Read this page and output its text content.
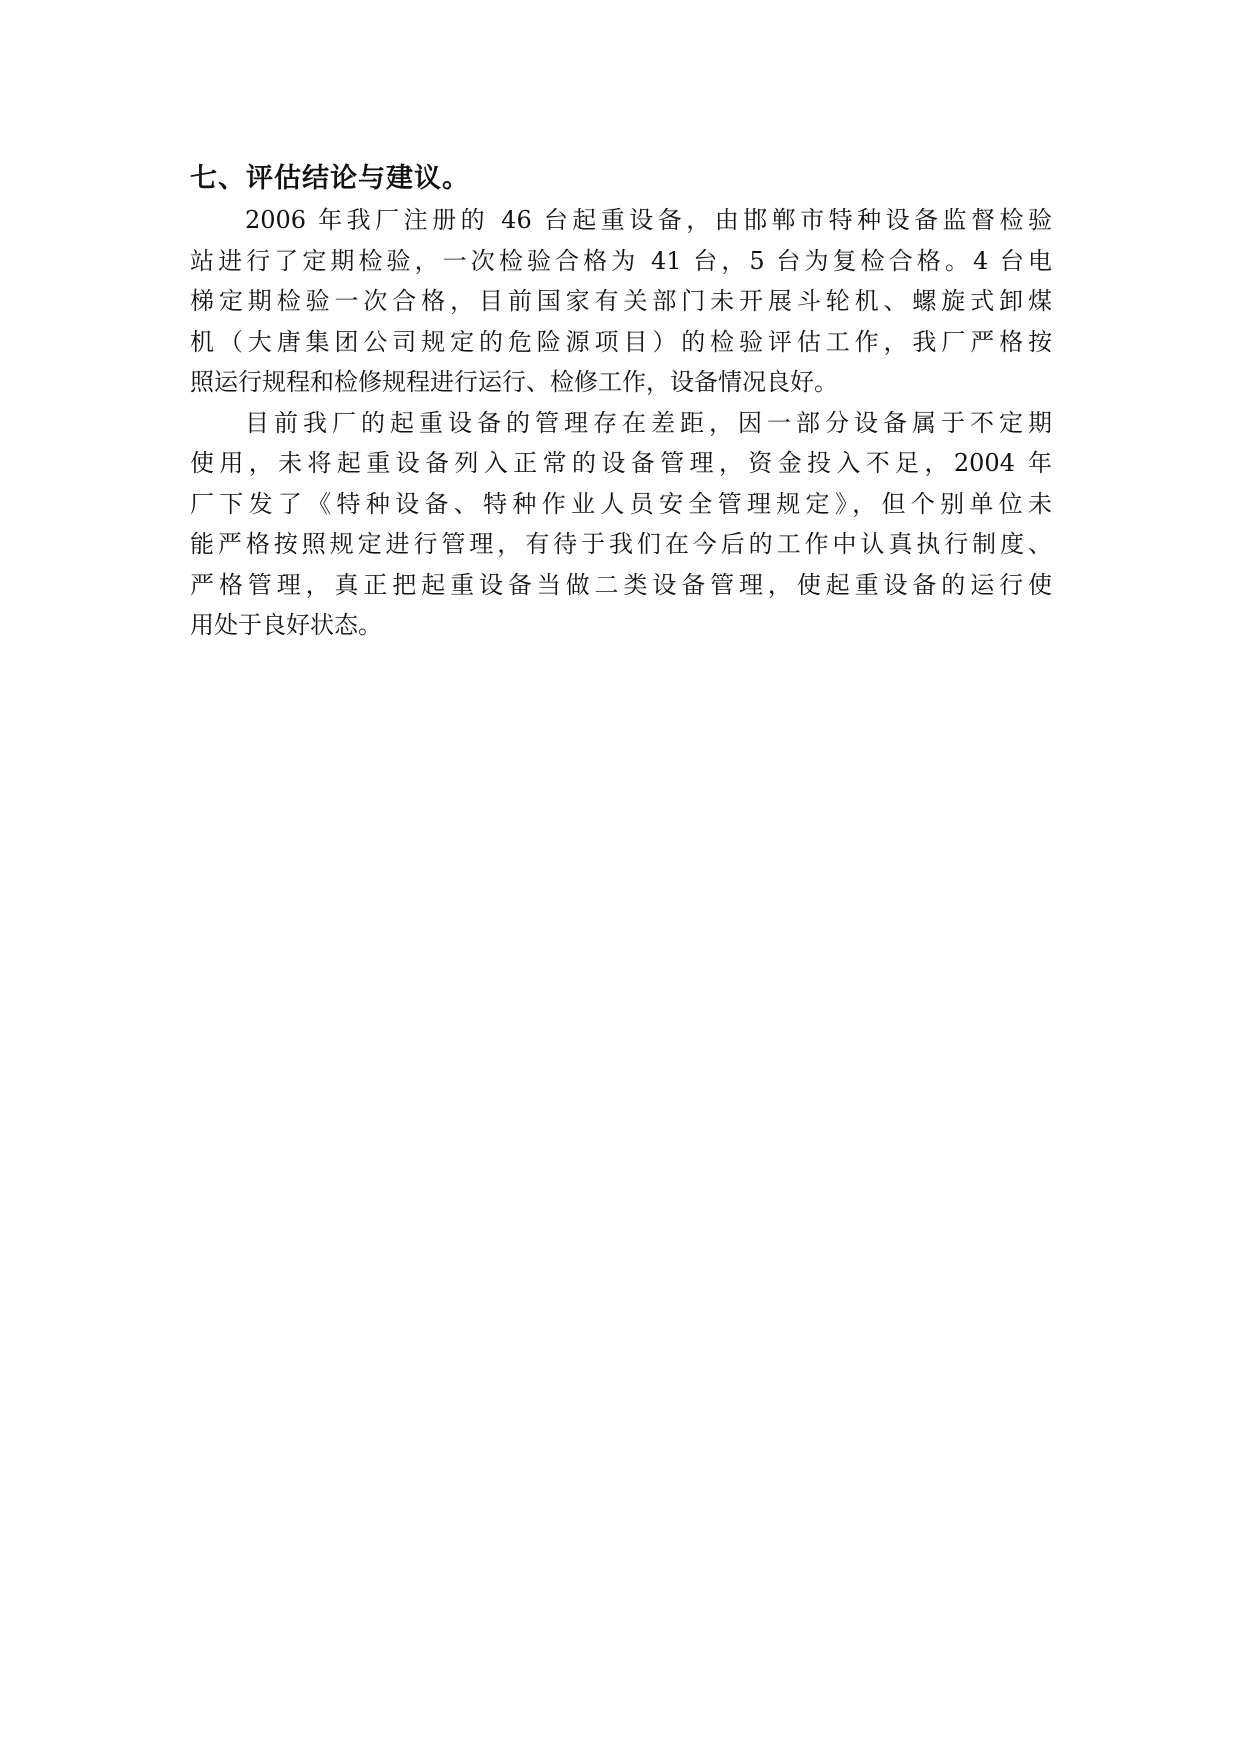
七、评估结论与建议。

2006 年我厂注册的 46 台起重设备，由邯郸市特种设备监督检验
站进行了定期检验，一次检验合格为 41 台，5 台为复检合格。4 台电
梯定期检验一次合格，目前国家有关部门未开展斗轮机、螺旋式卸煤
机（大唐集团公司规定的危险源项目）的检验评估工作，我厂严格按
照运行规程和检修规程进行运行、检修工作，设备情况良好。

目前我厂的起重设备的管理存在差距，因一部分设备属于不定期
使用，未将起重设备列入正常的设备管理，资金投入不足，2004 年
厂下发了《特种设备、特种作业人员安全管理规定》，但个别单位未
能严格按照规定进行管理，有待于我们在今后的工作中认真执行制度、
严格管理，真正把起重设备当做二类设备管理，使起重设备的运行使
用处于良好状态。
